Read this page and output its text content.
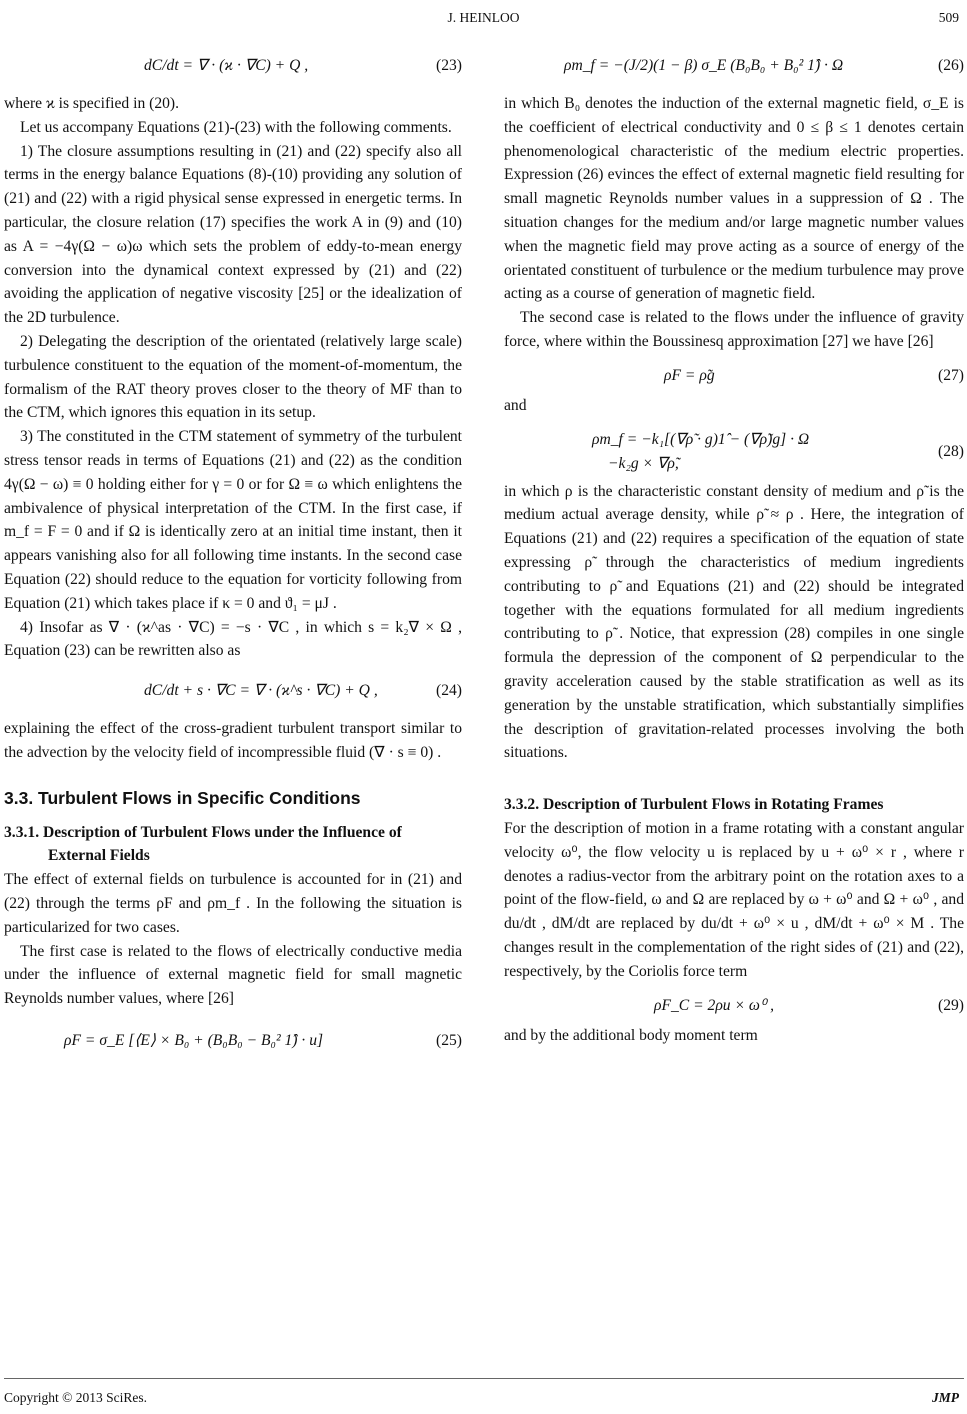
J. HEINLOO	509
dC/dt = ∇ · (ϰ · ∇C) + Q ,	(23)

where ϰ is specified in (20).

Let us accompany Equations (21)-(23) with the following comments.

1) The closure assumptions resulting in (21) and (22) specify also all terms in the energy balance Equations (8)-(10) providing any solution of (21) and (22) with a rigid physical sense expressed in energetic terms. In particular, the closure relation (17) specifies the work A in (9) and (10) as A = −4γ(Ω − ω)ω which sets the problem of eddy-to-mean energy conversion into the dynamical context expressed by (21) and (22) avoiding the application of negative viscosity [25] or the idealization of the 2D turbulence.

2) Delegating the description of the orientated (relatively large scale) turbulence constituent to the equation of the moment-of-momentum, the formalism of the RAT theory proves closer to the theory of MF than to the CTM, which ignores this equation in its setup.

3) The constituted in the CTM statement of symmetry of the turbulent stress tensor reads in terms of Equations (21) and (22) as the condition 4γ(Ω − ω) ≡ 0 holding either for γ = 0 or for Ω ≡ ω which enlightens the ambivalence of physical interpretation of the CTM. In the first case, if m_f = F = 0 and if Ω is identically zero at an initial time instant, then it appears vanishing also for all following time instants. In the second case Equation (22) should reduce to the equation for vorticity following from Equation (21) which takes place if κ = 0 and ϑ₁ = μJ .

4) Insofar as ∇ · (ϰ^as · ∇C) = −s · ∇C , in which s = k₂∇ × Ω , Equation (23) can be rewritten also as

dC/dt + s · ∇C = ∇ · (ϰ^s · ∇C) + Q ,	(24)

explaining the effect of the cross-gradient turbulent transport similar to the advection by the velocity field of incompressible fluid (∇ · s ≡ 0) .

3.3. Turbulent Flows in Specific Conditions
3.3.1. Description of Turbulent Flows under the Influence of External Fields

The effect of external fields on turbulence is accounted for in (21) and (22) through the terms ρF and ρm_f . In the following the situation is particularized for two cases.

The first case is related to the flows of electrically conductive media under the influence of external magnetic field for small magnetic Reynolds number values, where [26]

ρF = σ_E [⟨E⟩ × B₀ + (B₀B₀ − B₀² 1̂) · u]	(25)
ρm_f = −(J/2)(1 − β) σ_E (B₀B₀ + B₀² 1̂) · Ω	(26)

in which B₀ denotes the induction of the external magnetic field, σ_E is the coefficient of electrical conductivity and 0 ≤ β ≤ 1 denotes certain phenomenological characteristic of the medium electric properties. Expression (26) evinces the effect of external magnetic field resulting for small magnetic Reynolds number values in a suppression of Ω . The situation changes for the medium and/or large magnetic number values when the magnetic field may prove acting as a source of energy of the orientated constituent of turbulence or the medium turbulence may prove acting as a course of generation of magnetic field.

The second case is related to the flows under the influence of gravity force, where within the Boussinesq approximation [27] we have [26]

ρF = ρ̃g	(27)

and

ρm_f = −k₁[(∇ρ̃ · g)1̂ − (∇ρ̃)g] · Ω
−k₂g × ∇ρ̃,
(28)

in which ρ is the characteristic constant density of medium and ρ̃ is the medium actual average density, while ρ̃ ≈ ρ . Here, the integration of Equations (21) and (22) requires a specification of the equation of state expressing ρ̃ through the characteristics of medium ingredients contributing to ρ̃ and Equations (21) and (22) should be integrated together with the equations formulated for all medium ingredients contributing to ρ̃ . Notice, that expression (28) compiles in one single formula the depression of the component of Ω perpendicular to the gravity acceleration caused by the stable stratification as well as its generation by the unstable stratification, which substantially simplifies the description of gravitation-related processes involving the both situations.

3.3.2. Description of Turbulent Flows in Rotating Frames

For the description of motion in a frame rotating with a constant angular velocity ω⁰, the flow velocity u is replaced by u + ω⁰ × r , where r denotes a radius-vector from the arbitrary point on the rotation axes to a point of the flow-field, ω and Ω are replaced by ω + ω⁰ and Ω + ω⁰ , and du/dt , dM/dt are replaced by du/dt + ω⁰ × u , dM/dt + ω⁰ × M . The changes result in the complementation of the right sides of (21) and (22), respectively, by the Coriolis force term

ρF_C = 2ρu × ω⁰ ,	(29)

and by the additional body moment term

Copyright © 2013 SciRes.	JMP
